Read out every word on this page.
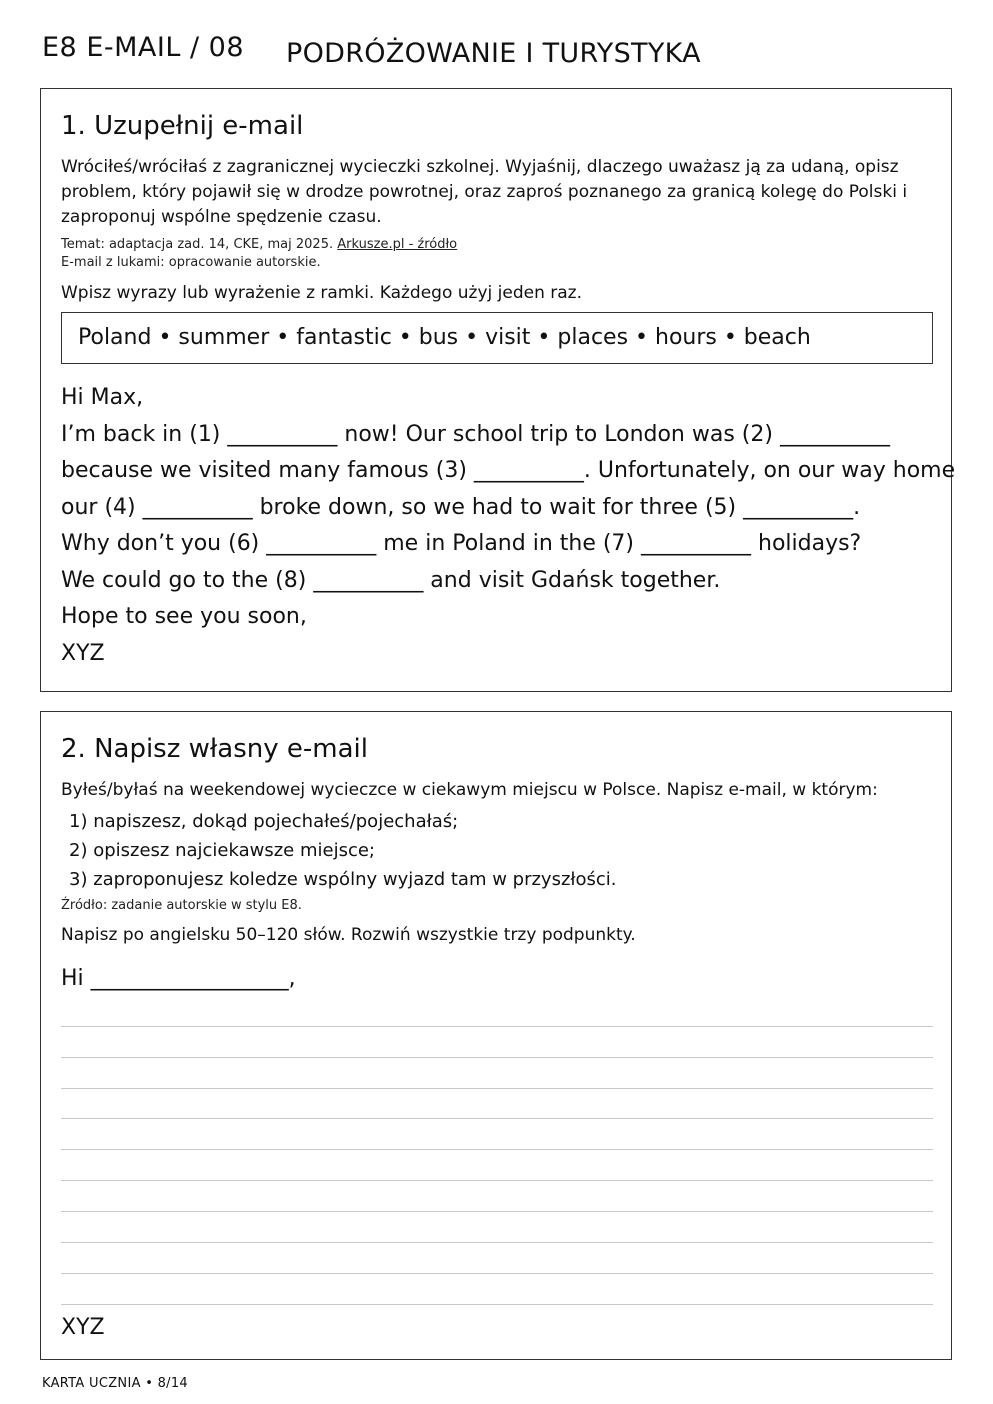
E8 E-MAIL / 08 PODRÓŻOWANIE I TURYSTYKA
1. Uzupełnij e-mail
Wróciłeś/wróciłaś z zagranicznej wycieczki szkolnej. Wyjaśnij, dlaczego uważasz ją za udaną, opisz
problem, który pojawił się w drodze powrotnej, oraz zaproś poznanego za granicą kolegę do Polski i
zaproponuj wspólne spędzenie czasu.
Temat: adaptacja zad. 14, CKE, maj 2025. Arkusze.pl - źródło
E-mail z lukami: opracowanie autorskie.
Wpisz wyrazy lub wyrażenie z ramki. Każdego użyj jeden raz.
Poland • summer • fantastic • bus • visit • places • hours • beach
Hi Max,
I’m back in (1) __________ now! Our school trip to London was (2) __________
because we visited many famous (3) __________. Unfortunately, on our way home
our (4) __________ broke down, so we had to wait for three (5) __________.
Why don’t you (6) __________ me in Poland in the (7) __________ holidays?
We could go to the (8) __________ and visit Gdańsk together.
Hope to see you soon,
XYZ
2. Napisz własny e-mail
Byłeś/byłaś na weekendowej wycieczce w ciekawym miejscu w Polsce. Napisz e-mail, w którym:
1) napiszesz, dokąd pojechałeś/pojechałaś;
2) opiszesz najciekawsze miejsce;
3) zaproponujesz koledze wspólny wyjazd tam w przyszłości.
Źródło: zadanie autorskie w stylu E8.
Napisz po angielsku 50–120 słów. Rozwiń wszystkie trzy podpunkty.
Hi __________________,
XYZ
KARTA UCZNIA • 8/14
